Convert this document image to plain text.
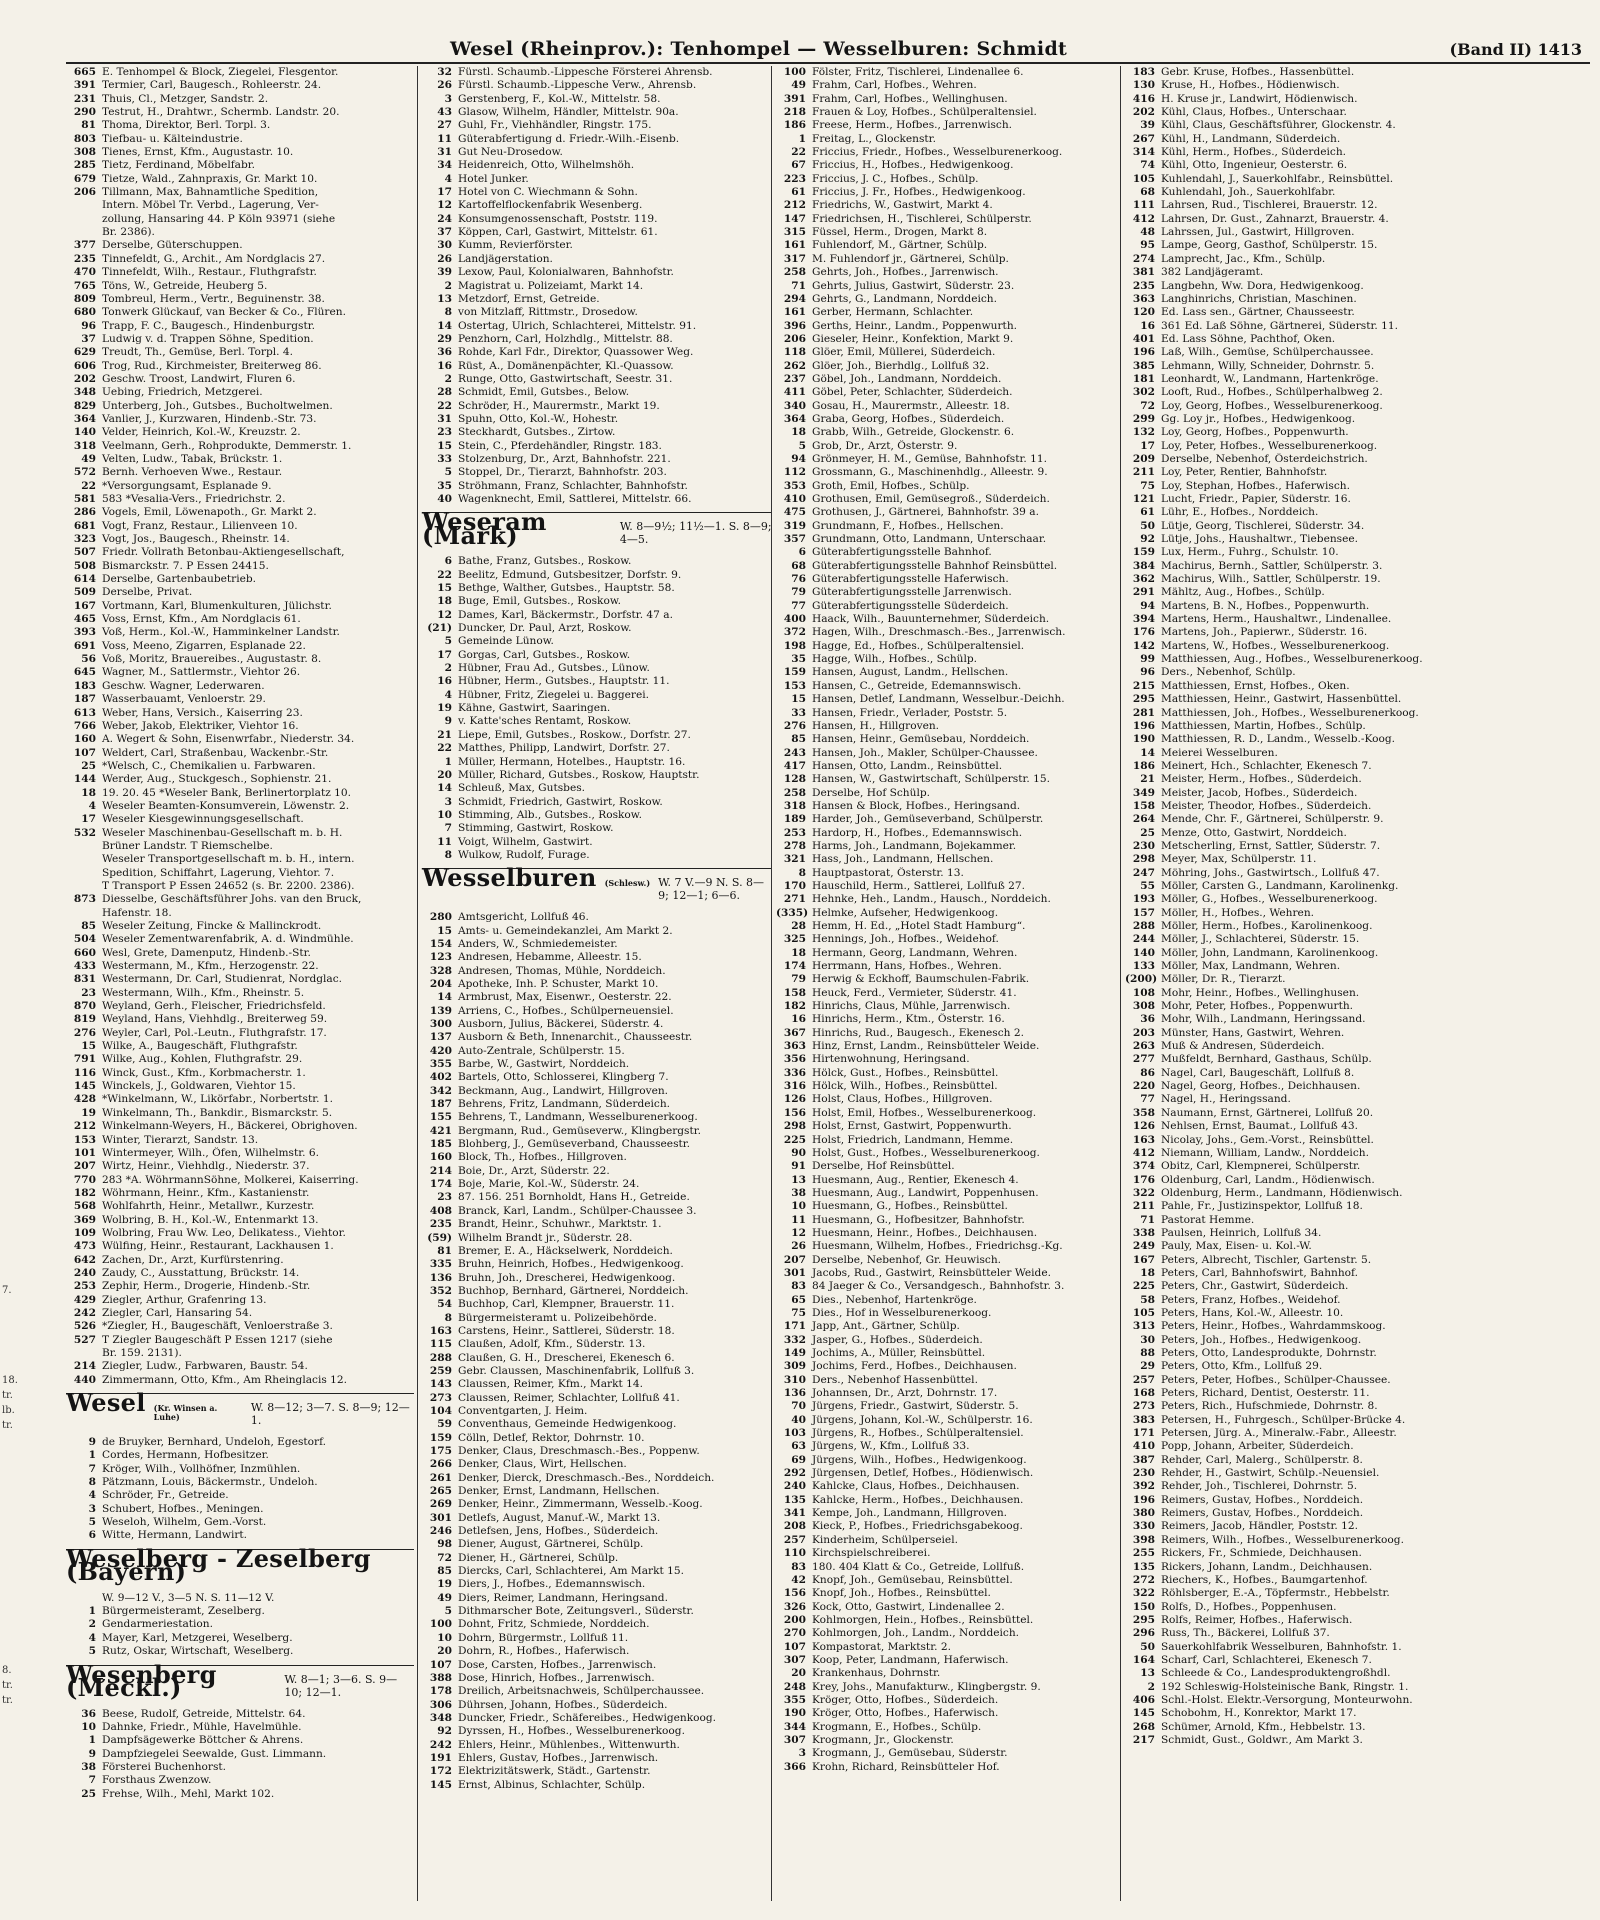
Wesel (Rheinprov.): Tenhompel — Wesselburen: Schmidt	(Band II) 1413
7.
18.
tr.
lb.
tr.
8.
tr.
tr.
665 E. Tenhompel & Block, Ziegelei, Flesgentor.
391 Termier, Carl, Baugesch., Rohleerstr. 24.
231 Thuis, Cl., Metzger, Sandstr. 2.
290 Testrut, H., Drahtwr., Schermb. Landstr. 20.
81 Thoma, Direktor, Berl. Torpl. 3.
803 Tiefbau- u. Kälteindustrie.
308 Tienes, Ernst, Kfm., Augustastr. 10.
285 Tietz, Ferdinand, Möbelfabr.
679 Tietze, Wald., Zahnpraxis, Gr. Markt 10.
206 Tillmann, Max, Bahnamtliche Spedition,
Intern. Möbel Tr. Verbd., Lagerung, Ver-
zollung, Hansaring 44. P Köln 93971 (siehe
Br. 2386).
377 Derselbe, Güterschuppen.
235 Tinnefeldt, G., Archit., Am Nordglacis 27.
470 Tinnefeldt, Wilh., Restaur., Fluthgrafstr.
765 Töns, W., Getreide, Heuberg 5.
809 Tombreul, Herm., Vertr., Beguinenstr. 38.
680 Tonwerk Glückauf, van Becker & Co., Flüren.
96 Trapp, F. C., Baugesch., Hindenburgstr.
37 Ludwig v. d. Trappen Söhne, Spedition.
629 Treudt, Th., Gemüse, Berl. Torpl. 4.
606 Trog, Rud., Kirchmeister, Breiterweg 86.
202 Geschw. Troost, Landwirt, Fluren 6.
348 Uebing, Friedrich, Metzgerei.
829 Unterberg, Joh., Gutsbes., Bucholtwelmen.
364 Vanlier, J., Kurzwaren, Hindenb.-Str. 73.
140 Velder, Heinrich, Kol.-W., Kreuzstr. 2.
318 Veelmann, Gerh., Rohprodukte, Demmerstr. 1.
49 Velten, Ludw., Tabak, Brückstr. 1.
572 Bernh. Verhoeven Wwe., Restaur.
22 *Versorgungsamt, Esplanade 9.
581 583 *Vesalia-Vers., Friedrichstr. 2.
286 Vogels, Emil, Löwenapoth., Gr. Markt 2.
681 Vogt, Franz, Restaur., Lilienveen 10.
323 Vogt, Jos., Baugesch., Rheinstr. 14.
507 Friedr. Vollrath Betonbau-Aktiengesellschaft,
508 Bismarckstr. 7. P Essen 24415.
614 Derselbe, Gartenbaubetrieb.
509 Derselbe, Privat.
167 Vortmann, Karl, Blumenkulturen, Jülichstr.
465 Voss, Ernst, Kfm., Am Nordglacis 61.
393 Voß, Herm., Kol.-W., Hamminkelner Landstr.
691 Voss, Meeno, Zigarren, Esplanade 22.
56 Voß, Moritz, Brauereibes., Augustastr. 8.
645 Wagner, M., Sattlermstr., Viehtor 26.
183 Geschw. Wagner, Lederwaren.
187 Wasserbauamt, Venloerstr. 29.
613 Weber, Hans, Versich., Kaiserring 23.
766 Weber, Jakob, Elektriker, Viehtor 16.
160 A. Wegert & Sohn, Eisenwrfabr., Niederstr. 34.
107 Weldert, Carl, Straßenbau, Wackenbr.-Str.
25 *Welsch, C., Chemikalien u. Farbwaren.
144 Werder, Aug., Stuckgesch., Sophienstr. 21.
18 19. 20. 45 *Weseler Bank, Berlinertorplatz 10.
4 Weseler Beamten-Konsumverein, Löwenstr. 2.
17 Weseler Kiesgewinnungsgesellschaft.
532 Weseler Maschinenbau-Gesellschaft m. b. H.
Brüner Landstr. T Riemschelbe.
Weseler Transportgesellschaft m. b. H., intern.
Spedition, Schiffahrt, Lagerung, Viehtor. 7.
T Transport P Essen 24652 (s. Br. 2200. 2386).
873 Diesselbe, Geschäftsführer Johs. van den Bruck,
Hafenstr. 18.
85 Weseler Zeitung, Fincke & Mallinckrodt.
504 Weseler Zementwarenfabrik, A. d. Windmühle.
660 Wesl, Grete, Damenputz, Hindenb.-Str.
433 Westermann, M., Kfm., Herzogenstr. 22.
831 Westermann, Dr. Carl, Studienrat, Nordglac.
23 Westermann, Wilh., Kfm., Rheinstr. 5.
870 Weyland, Gerh., Fleischer, Friedrichsfeld.
819 Weyland, Hans, Viehhdlg., Breiterweg 59.
276 Weyler, Carl, Pol.-Leutn., Fluthgrafstr. 17.
15 Wilke, A., Baugeschäft, Fluthgrafstr.
791 Wilke, Aug., Kohlen, Fluthgrafstr. 29.
116 Winck, Gust., Kfm., Korbmacherstr. 1.
145 Winckels, J., Goldwaren, Viehtor 15.
428 *Winkelmann, W., Likörfabr., Norbertstr. 1.
19 Winkelmann, Th., Bankdir., Bismarckstr. 5.
212 Winkelmann-Weyers, H., Bäckerei, Obrighoven.
153 Winter, Tierarzt, Sandstr. 13.
101 Wintermeyer, Wilh., Öfen, Wilhelmstr. 6.
207 Wirtz, Heinr., Viehhdlg., Niederstr. 37.
770 283 *A. WöhrmannSöhne, Molkerei, Kaiserring.
182 Wöhrmann, Heinr., Kfm., Kastanienstr.
568 Wohlfahrth, Heinr., Metallwr., Kurzestr.
369 Wolbring, B. H., Kol.-W., Entenmarkt 13.
109 Wolbring, Frau Ww. Leo, Delikatess., Viehtor.
473 Wülfing, Heinr., Restaurant, Lackhausen 1.
642 Zachen, Dr., Arzt, Kurfürstenring.
240 Zaudy, C., Ausstattung, Brückstr. 14.
253 Zephir, Herm., Drogerie, Hindenb.-Str.
429 Ziegler, Arthur, Grafenring 13.
242 Ziegler, Carl, Hansaring 54.
526 *Ziegler, H., Baugeschäft, Venloerstraße 3.
527 T Ziegler Baugeschäft P Essen 1217 (siehe
Br. 159. 2131).
214 Ziegler, Ludw., Farbwaren, Baustr. 54.
440 Zimmermann, Otto, Kfm., Am Rheinglacis 12.
Wesel (Kr. Winsen a. Luhe)
W. 8—12; 3—7. S. 8—9; 12—1.
9 de Bruyker, Bernhard, Undeloh, Egestorf.
1 Cordes, Hermann, Hofbesitzer.
7 Kröger, Wilh., Vollhöfner, Inzmühlen.
8 Pätzmann, Louis, Bäckermstr., Undeloh.
4 Schröder, Fr., Getreide.
3 Schubert, Hofbes., Meningen.
5 Weseloh, Wilhelm, Gem.-Vorst.
6 Witte, Hermann, Landwirt.
Weselberg - Zeselberg (Bayern)
W. 9—12 V., 3—5 N. S. 11—12 V.
1 Bürgermeisteramt, Zeselberg.
2 Gendarmeriestation.
4 Mayer, Karl, Metzgerei, Weselberg.
5 Rutz, Oskar, Wirtschaft, Weselberg.
Wesenberg (Meckl.)	W. 8—1; 3—6. S. 9—10; 12—1.
36 Beese, Rudolf, Getreide, Mittelstr. 64.
10 Dahnke, Friedr., Mühle, Havelmühle.
1 Dampfsägewerke Böttcher & Ahrens.
9 Dampfziegelei Seewalde, Gust. Limmann.
38 Försterei Buchenhorst.
7 Forsthaus Zwenzow.
25 Frehse, Wilh., Mehl, Markt 102.
32 Fürstl. Schaumb.-Lippesche Försterei Ahrensb.
26 Fürstl. Schaumb.-Lippesche Verw., Ahrensb.
3 Gerstenberg, F., Kol.-W., Mittelstr. 58.
43 Glasow, Wilhelm, Händler, Mittelstr. 90a.
27 Guhl, Fr., Viehhändler, Ringstr. 175.
11 Güterabfertigung d. Friedr.-Wilh.-Eisenb.
31 Gut Neu-Drosedow.
34 Heidenreich, Otto, Wilhelmshöh.
4 Hotel Junker.
17 Hotel von C. Wiechmann & Sohn.
12 Kartoffelflockenfabrik Wesenberg.
24 Konsumgenossenschaft, Poststr. 119.
37 Köppen, Carl, Gastwirt, Mittelstr. 61.
30 Kumm, Revierförster.
26 Landjägerstation.
39 Lexow, Paul, Kolonialwaren, Bahnhofstr.
2 Magistrat u. Polizeiamt, Markt 14.
13 Metzdorf, Ernst, Getreide.
8 von Mitzlaff, Rittmstr., Drosedow.
14 Ostertag, Ulrich, Schlachterei, Mittelstr. 91.
29 Penzhorn, Carl, Holzhdlg., Mittelstr. 88.
36 Rohde, Karl Fdr., Direktor, Quassower Weg.
16 Rüst, A., Domänenpächter, Kl.-Quassow.
2 Runge, Otto, Gastwirtschaft, Seestr. 31.
28 Schmidt, Emil, Gutsbes., Below.
22 Schröder, H., Maurermstr., Markt 19.
31 Spuhn, Otto, Kol.-W., Hohestr.
23 Steckhardt, Gutsbes., Zirtow.
15 Stein, C., Pferdehändler, Ringstr. 183.
33 Stolzenburg, Dr., Arzt, Bahnhofstr. 221.
5 Stoppel, Dr., Tierarzt, Bahnhofstr. 203.
35 Ströhmann, Franz, Schlachter, Bahnhofstr.
40 Wagenknecht, Emil, Sattlerei, Mittelstr. 66.
Weseram (Mark)	W. 8—9½; 11½—1. S. 8—9; 4—5.
6 Bathe, Franz, Gutsbes., Roskow.
22 Beelitz, Edmund, Gutsbesitzer, Dorfstr. 9.
15 Bethge, Walther, Gutsbes., Hauptstr. 58.
18 Buge, Emil, Gutsbes., Roskow.
12 Dames, Karl, Bäckermstr., Dorfstr. 47 a.
(21) Duncker, Dr. Paul, Arzt, Roskow.
5 Gemeinde Lünow.
17 Gorgas, Carl, Gutsbes., Roskow.
2 Hübner, Frau Ad., Gutsbes., Lünow.
16 Hübner, Herm., Gutsbes., Hauptstr. 11.
4 Hübner, Fritz, Ziegelei u. Baggerei.
19 Kähne, Gastwirt, Saaringen.
9 v. Katte'sches Rentamt, Roskow.
21 Liepe, Emil, Gutsbes., Roskow., Dorfstr. 27.
22 Matthes, Philipp, Landwirt, Dorfstr. 27.
1 Müller, Hermann, Hotelbes., Hauptstr. 16.
20 Müller, Richard, Gutsbes., Roskow, Hauptstr.
14 Schleuß, Max, Gutsbes.
3 Schmidt, Friedrich, Gastwirt, Roskow.
10 Stimming, Alb., Gutsbes., Roskow.
7 Stimming, Gastwirt, Roskow.
11 Voigt, Wilhelm, Gastwirt.
8 Wulkow, Rudolf, Furage.
Wesselburen (Schlesw.) W. 7 V.—9 N. S. 8—9; 12—1; 6—6.
280 Amtsgericht, Lollfuß 46.
15 Amts- u. Gemeindekanzlei, Am Markt 2.
154 Anders, W., Schmiedemeister.
123 Andresen, Hebamme, Alleestr. 15.
328 Andresen, Thomas, Mühle, Norddeich.
204 Apotheke, Inh. P. Schuster, Markt 10.
14 Armbrust, Max, Eisenwr., Oesterstr. 22.
139 Arriens, C., Hofbes., Schülperneuensiel.
300 Ausborn, Julius, Bäckerei, Süderstr. 4.
137 Ausborn & Beth, Innenarchit., Chausseestr.
420 Auto-Zentrale, Schülperstr. 15.
355 Barbe, W., Gastwirt, Norddeich.
402 Bartels, Otto, Schlosserei, Klingberg 7.
342 Beckmann, Aug., Landwirt, Hillgroven.
187 Behrens, Fritz, Landmann, Süderdeich.
155 Behrens, T., Landmann, Wesselburenerkoog.
421 Bergmann, Rud., Gemüseverw., Klingbergstr.
185 Blohberg, J., Gemüseverband, Chausseestr.
160 Block, Th., Hofbes., Hillgroven.
214 Boie, Dr., Arzt, Süderstr. 22.
174 Boje, Marie, Kol.-W., Süderstr. 24.
23 87. 156. 251 Bornholdt, Hans H., Getreide.
408 Branck, Karl, Landm., Schülper-Chaussee 3.
235 Brandt, Heinr., Schuhwr., Marktstr. 1.
(59) Wilhelm Brandt jr., Süderstr. 28.
81 Bremer, E. A., Häckselwerk, Norddeich.
335 Bruhn, Heinrich, Hofbes., Hedwigenkoog.
136 Bruhn, Joh., Drescherei, Hedwigenkoog.
352 Buchhop, Bernhard, Gärtnerei, Norddeich.
54 Buchhop, Carl, Klempner, Brauerstr. 11.
8 Bürgermeisteramt u. Polizeibehörde.
163 Carstens, Heinr., Sattlerei, Süderstr. 18.
115 Claußen, Adolf, Kfm., Süderstr. 13.
288 Claußen, G. H., Drescherei, Ekenesch 6.
259 Gebr. Claussen, Maschinenfabrik, Lollfuß 3.
143 Claussen, Reimer, Kfm., Markt 14.
273 Claussen, Reimer, Schlachter, Lollfuß 41.
104 Conventgarten, J. Heim.
59 Conventhaus, Gemeinde Hedwigenkoog.
159 Cölln, Detlef, Rektor, Dohrnstr. 10.
175 Denker, Claus, Dreschmasch.-Bes., Poppenw.
266 Denker, Claus, Wirt, Hellschen.
261 Denker, Dierck, Dreschmasch.-Bes., Norddeich.
265 Denker, Ernst, Landmann, Hellschen.
269 Denker, Heinr., Zimmermann, Wesselb.-Koog.
301 Detlefs, August, Manuf.-W., Markt 13.
246 Detlefsen, Jens, Hofbes., Süderdeich.
98 Diener, August, Gärtnerei, Schülp.
72 Diener, H., Gärtnerei, Schülp.
85 Diercks, Carl, Schlachterei, Am Markt 15.
19 Diers, J., Hofbes., Edemannswisch.
49 Diers, Reimer, Landmann, Heringsand.
5 Dithmarscher Bote, Zeitungsverl., Süderstr.
100 Dohnt, Fritz, Schmiede, Norddeich.
10 Dohrn, Bürgermstr., Lollfuß 11.
20 Dohrn, R., Hofbes., Haferwisch.
107 Dose, Carsten, Hofbes., Jarrenwisch.
388 Dose, Hinrich, Hofbes., Jarrenwisch.
178 Dreilich, Arbeitsnachweis, Schülperchaussee.
306 Dührsen, Johann, Hofbes., Süderdeich.
348 Duncker, Friedr., Schäfereibes., Hedwigenkoog.
92 Dyrssen, H., Hofbes., Wesselburenerkoog.
242 Ehlers, Heinr., Mühlenbes., Wittenwurth.
191 Ehlers, Gustav, Hofbes., Jarrenwisch.
172 Elektrizitätswerk, Städt., Gartenstr.
145 Ernst, Albinus, Schlachter, Schülp.
100 Fölster, Fritz, Tischlerei, Lindenallee 6.
49 Frahm, Carl, Hofbes., Wehren.
391 Frahm, Carl, Hofbes., Wellinghusen.
218 Frauen & Loy, Hofbes., Schülperaltensiel.
186 Freese, Herm., Hofbes., Jarrenwisch.
1 Freitag, L., Glockenstr.
22 Friccius, Friedr., Hofbes., Wesselburenerkoog.
67 Friccius, H., Hofbes., Hedwigenkoog.
223 Friccius, J. C., Hofbes., Schülp.
61 Friccius, J. Fr., Hofbes., Hedwigenkoog.
212 Friedrichs, W., Gastwirt, Markt 4.
147 Friedrichsen, H., Tischlerei, Schülperstr.
315 Füssel, Herm., Drogen, Markt 8.
161 Fuhlendorf, M., Gärtner, Schülp.
317 M. Fuhlendorf jr., Gärtnerei, Schülp.
258 Gehrts, Joh., Hofbes., Jarrenwisch.
71 Gehrts, Julius, Gastwirt, Süderstr. 23.
294 Gehrts, G., Landmann, Norddeich.
161 Gerber, Hermann, Schlachter.
396 Gerths, Heinr., Landm., Poppenwurth.
206 Gieseler, Heinr., Konfektion, Markt 9.
118 Glöer, Emil, Müllerei, Süderdeich.
262 Glöer, Joh., Bierhdlg., Lollfuß 32.
237 Göbel, Joh., Landmann, Norddeich.
411 Göbel, Peter, Schlachter, Süderdeich.
340 Gosau, H., Maurermstr., Alleestr. 18.
364 Graba, Georg, Hofbes., Süderdeich.
18 Grabb, Wilh., Getreide, Glockenstr. 6.
5 Grob, Dr., Arzt, Österstr. 9.
94 Grönmeyer, H. M., Gemüse, Bahnhofstr. 11.
112 Grossmann, G., Maschinenhdlg., Alleestr. 9.
353 Groth, Emil, Hofbes., Schülp.
410 Grothusen, Emil, Gemüsegroß., Süderdeich.
475 Grothusen, J., Gärtnerei, Bahnhofstr. 39 a.
319 Grundmann, F., Hofbes., Hellschen.
357 Grundmann, Otto, Landmann, Unterschaar.
6 Güterabfertigungsstelle Bahnhof.
68 Güterabfertigungsstelle Bahnhof Reinsbüttel.
76 Güterabfertigungsstelle Haferwisch.
79 Güterabfertigungsstelle Jarrenwisch.
77 Güterabfertigungsstelle Süderdeich.
400 Haack, Wilh., Bauunternehmer, Süderdeich.
372 Hagen, Wilh., Dreschmasch.-Bes., Jarrenwisch.
198 Hagge, Ed., Hofbes., Schülperaltensiel.
35 Hagge, Wilh., Hofbes., Schülp.
159 Hansen, August, Landm., Hellschen.
153 Hansen, C., Getreide, Edemannswisch.
15 Hansen, Detlef, Landmann, Wesselbur.-Deichh.
33 Hansen, Friedr., Verlader, Poststr. 5.
276 Hansen, H., Hillgroven.
85 Hansen, Heinr., Gemüsebau, Norddeich.
243 Hansen, Joh., Makler, Schülper-Chaussee.
417 Hansen, Otto, Landm., Reinsbüttel.
128 Hansen, W., Gastwirtschaft, Schülperstr. 15.
258 Derselbe, Hof Schülp.
318 Hansen & Block, Hofbes., Heringsand.
189 Harder, Joh., Gemüseverband, Schülperstr.
253 Hardorp, H., Hofbes., Edemannswisch.
278 Harms, Joh., Landmann, Bojekammer.
321 Hass, Joh., Landmann, Hellschen.
8 Hauptpastorat, Österstr. 13.
170 Hauschild, Herm., Sattlerei, Lollfuß 27.
271 Hehnke, Heh., Landm., Hausch., Norddeich.
(335) Helmke, Aufseher, Hedwigenkoog.
28 Hemm, H. Ed., „Hotel Stadt Hamburg“.
325 Hennings, Joh., Hofbes., Weidehof.
18 Hermann, Georg, Landmann, Wehren.
174 Herrmann, Hans, Hofbes., Wehren.
79 Herwig & Eckhoff, Baumschulen-Fabrik.
158 Heuck, Ferd., Vermieter, Süderstr. 41.
182 Hinrichs, Claus, Mühle, Jarrenwisch.
16 Hinrichs, Herm., Ktm., Österstr. 16.
367 Hinrichs, Rud., Baugesch., Ekenesch 2.
363 Hinz, Ernst, Landm., Reinsbütteler Weide.
356 Hirtenwohnung, Heringsand.
336 Hölck, Gust., Hofbes., Reinsbüttel.
316 Hölck, Wilh., Hofbes., Reinsbüttel.
126 Holst, Claus, Hofbes., Hillgroven.
156 Holst, Emil, Hofbes., Wesselburenerkoog.
298 Holst, Ernst, Gastwirt, Poppenwurth.
225 Holst, Friedrich, Landmann, Hemme.
90 Holst, Gust., Hofbes., Wesselburenerkoog.
91 Derselbe, Hof Reinsbüttel.
13 Huesmann, Aug., Rentier, Ekenesch 4.
38 Huesmann, Aug., Landwirt, Poppenhusen.
10 Huesmann, G., Hofbes., Reinsbüttel.
11 Huesmann, G., Hofbesitzer, Bahnhofstr.
12 Huesmann, Heinr., Hofbes., Deichhausen.
26 Huesmann, Wilhelm, Hofbes., Friedrichsg.-Kg.
207 Derselbe, Nebenhof, Gr. Heuwisch.
301 Jacobs, Rud., Gastwirt, Reinsbütteler Weide.
83 84 Jaeger & Co., Versandgesch., Bahnhofstr. 3.
65 Dies., Nebenhof, Hartenkröge.
75 Dies., Hof in Wesselburenerkoog.
171 Japp, Ant., Gärtner, Schülp.
332 Jasper, G., Hofbes., Süderdeich.
149 Jochims, A., Müller, Reinsbüttel.
309 Jochims, Ferd., Hofbes., Deichhausen.
310 Ders., Nebenhof Hassenbüttel.
136 Johannsen, Dr., Arzt, Dohrnstr. 17.
70 Jürgens, Friedr., Gastwirt, Süderstr. 5.
40 Jürgens, Johann, Kol.-W., Schülperstr. 16.
103 Jürgens, R., Hofbes., Schülperaltensiel.
63 Jürgens, W., Kfm., Lollfuß 33.
69 Jürgens, Wilh., Hofbes., Hedwigenkoog.
292 Jürgensen, Detlef, Hofbes., Hödienwisch.
240 Kahlcke, Claus, Hofbes., Deichhausen.
135 Kahlcke, Herm., Hofbes., Deichhausen.
341 Kempe, Joh., Landmann, Hillgroven.
208 Kieck, P., Hofbes., Friedrichsgabekoog.
257 Kinderheim, Schülperseiel.
110 Kirchspielschreiberei.
83 180. 404 Klatt & Co., Getreide, Lollfuß.
42 Knopf, Joh., Gemüsebau, Reinsbüttel.
156 Knopf, Joh., Hofbes., Reinsbüttel.
326 Kock, Otto, Gastwirt, Lindenallee 2.
200 Kohlmorgen, Hein., Hofbes., Reinsbüttel.
270 Kohlmorgen, Joh., Landm., Norddeich.
107 Kompastorat, Marktstr. 2.
307 Koop, Peter, Landmann, Haferwisch.
20 Krankenhaus, Dohrnstr.
248 Krey, Johs., Manufakturw., Klingbergstr. 9.
355 Kröger, Otto, Hofbes., Süderdeich.
190 Kröger, Otto, Hofbes., Haferwisch.
344 Krogmann, E., Hofbes., Schülp.
307 Krogmann, Jr., Glockenstr.
3 Krogmann, J., Gemüsebau, Süderstr.
366 Krohn, Richard, Reinsbütteler Hof.
183 Gebr. Kruse, Hofbes., Hassenbüttel.
130 Kruse, H., Hofbes., Hödienwisch.
416 H. Kruse jr., Landwirt, Hödienwisch.
202 Kühl, Claus, Hofbes., Unterschaar.
39 Kühl, Claus, Geschäftsführer, Glockenstr. 4.
267 Kühl, H., Landmann, Süderdeich.
314 Kühl, Herm., Hofbes., Süderdeich.
74 Kühl, Otto, Ingenieur, Oesterstr. 6.
105 Kuhlendahl, J., Sauerkohlfabr., Reinsbüttel.
68 Kuhlendahl, Joh., Sauerkohlfabr.
111 Lahrsen, Rud., Tischlerei, Brauerstr. 12.
412 Lahrsen, Dr. Gust., Zahnarzt, Brauerstr. 4.
48 Lahrssen, Jul., Gastwirt, Hillgroven.
95 Lampe, Georg, Gasthof, Schülperstr. 15.
274 Lamprecht, Jac., Kfm., Schülp.
381 382 Landjägeramt.
235 Langbehn, Ww. Dora, Hedwigenkoog.
363 Langhinrichs, Christian, Maschinen.
120 Ed. Lass sen., Gärtner, Chausseestr.
16 361 Ed. Laß Söhne, Gärtnerei, Süderstr. 11.
401 Ed. Lass Söhne, Pachthof, Oken.
196 Laß, Wilh., Gemüse, Schülperchaussee.
385 Lehmann, Willy, Schneider, Dohrnstr. 5.
181 Leonhardt, W., Landmann, Hartenkröge.
302 Looft, Rud., Hofbes., Schülperhalbweg 2.
72 Loy, Georg, Hofbes., Wesselburenerkoog.
299 Gg. Loy jr., Hofbes., Hedwigenkoog.
132 Loy, Georg, Hofbes., Poppenwurth.
17 Loy, Peter, Hofbes., Wesselburenerkoog.
209 Derselbe, Nebenhof, Österdeichstrich.
211 Loy, Peter, Rentier, Bahnhofstr.
75 Loy, Stephan, Hofbes., Haferwisch.
121 Lucht, Friedr., Papier, Süderstr. 16.
61 Lühr, E., Hofbes., Norddeich.
50 Lütje, Georg, Tischlerei, Süderstr. 34.
92 Lütje, Johs., Haushaltwr., Tiebensee.
159 Lux, Herm., Fuhrg., Schulstr. 10.
384 Machirus, Bernh., Sattler, Schülperstr. 3.
362 Machirus, Wilh., Sattler, Schülperstr. 19.
291 Mähltz, Aug., Hofbes., Schülp.
94 Martens, B. N., Hofbes., Poppenwurth.
394 Martens, Herm., Haushaltwr., Lindenallee.
176 Martens, Joh., Papierwr., Süderstr. 16.
142 Martens, W., Hofbes., Wesselburenerkoog.
99 Matthiessen, Aug., Hofbes., Wesselburenerkoog.
96 Ders., Nebenhof, Schülp.
215 Matthiessen, Ernst, Hofbes., Oken.
295 Matthiessen, Heinr., Gastwirt, Hassenbüttel.
281 Matthiessen, Joh., Hofbes., Wesselburenerkoog.
196 Matthiessen, Martin, Hofbes., Schülp.
190 Matthiessen, R. D., Landm., Wesselb.-Koog.
14 Meierei Wesselburen.
186 Meinert, Hch., Schlachter, Ekenesch 7.
21 Meister, Herm., Hofbes., Süderdeich.
349 Meister, Jacob, Hofbes., Süderdeich.
158 Meister, Theodor, Hofbes., Süderdeich.
264 Mende, Chr. F., Gärtnerei, Schülperstr. 9.
25 Menze, Otto, Gastwirt, Norddeich.
230 Metscherling, Ernst, Sattler, Süderstr. 7.
298 Meyer, Max, Schülperstr. 11.
247 Möhring, Johs., Gastwirtsch., Lollfuß 47.
55 Möller, Carsten G., Landmann, Karolinenkg.
193 Möller, G., Hofbes., Wesselburenerkoog.
157 Möller, H., Hofbes., Wehren.
288 Möller, Herm., Hofbes., Karolinenkoog.
244 Möller, J., Schlachterei, Süderstr. 15.
140 Möller, John, Landmann, Karolinenkoog.
133 Möller, Max, Landmann, Wehren.
(200) Möller, Dr. R., Tierarzt.
108 Mohr, Heinr., Hofbes., Wellinghusen.
308 Mohr, Peter, Hofbes., Poppenwurth.
36 Mohr, Wilh., Landmann, Heringssand.
203 Münster, Hans, Gastwirt, Wehren.
263 Muß & Andresen, Süderdeich.
277 Mußfeldt, Bernhard, Gasthaus, Schülp.
86 Nagel, Carl, Baugeschäft, Lollfuß 8.
220 Nagel, Georg, Hofbes., Deichhausen.
77 Nagel, H., Heringssand.
358 Naumann, Ernst, Gärtnerei, Lollfuß 20.
126 Nehlsen, Ernst, Baumat., Lollfuß 43.
163 Nicolay, Johs., Gem.-Vorst., Reinsbüttel.
412 Niemann, William, Landw., Norddeich.
374 Obitz, Carl, Klempnerei, Schülperstr.
176 Oldenburg, Carl, Landm., Hödienwisch.
322 Oldenburg, Herm., Landmann, Hödienwisch.
211 Pahle, Fr., Justizinspektor, Lollfuß 18.
71 Pastorat Hemme.
338 Paulsen, Heinrich, Lollfuß 34.
249 Pauly, Max, Eisen- u. Kol.-W.
167 Peters, Albrecht, Tischler, Gartenstr. 5.
18 Peters, Carl, Bahnhofswirt, Bahnhof.
225 Peters, Chr., Gastwirt, Süderdeich.
58 Peters, Franz, Hofbes., Weidehof.
105 Peters, Hans, Kol.-W., Alleestr. 10.
313 Peters, Heinr., Hofbes., Wahrdammskoog.
30 Peters, Joh., Hofbes., Hedwigenkoog.
88 Peters, Otto, Landesprodukte, Dohrnstr.
29 Peters, Otto, Kfm., Lollfuß 29.
257 Peters, Peter, Hofbes., Schülper-Chaussee.
168 Peters, Richard, Dentist, Oesterstr. 11.
273 Peters, Rich., Hufschmiede, Dohrnstr. 8.
383 Petersen, H., Fuhrgesch., Schülper-Brücke 4.
171 Petersen, Jürg. A., Mineralw.-Fabr., Alleestr.
410 Popp, Johann, Arbeiter, Süderdeich.
387 Rehder, Carl, Malerg., Schülperstr. 8.
230 Rehder, H., Gastwirt, Schülp.-Neuensiel.
392 Rehder, Joh., Tischlerei, Dohrnstr. 5.
196 Reimers, Gustav, Hofbes., Norddeich.
380 Reimers, Gustav, Hofbes., Norddeich.
330 Reimers, Jacob, Händler, Poststr. 12.
398 Reimers, Wilh., Hofbes., Wesselburenerkoog.
255 Rickers, Fr., Schmiede, Deichhausen.
135 Rickers, Johann, Landm., Deichhausen.
272 Riechers, K., Hofbes., Baumgartenhof.
322 Röhlsberger, E.-A., Töpfermstr., Hebbelstr.
150 Rolfs, D., Hofbes., Poppenhusen.
295 Rolfs, Reimer, Hofbes., Haferwisch.
296 Russ, Th., Bäckerei, Lollfuß 37.
50 Sauerkohlfabrik Wesselburen, Bahnhofstr. 1.
164 Scharf, Carl, Schlachterei, Ekenesch 7.
13 Schleede & Co., Landesproduktengroßhdl.
2 192 Schleswig-Holsteinische Bank, Ringstr. 1.
406 Schl.-Holst. Elektr.-Versorgung, Monteurwohn.
145 Schobohm, H., Konrektor, Markt 17.
268 Schümer, Arnold, Kfm., Hebbelstr. 13.
217 Schmidt, Gust., Goldwr., Am Markt 3.
